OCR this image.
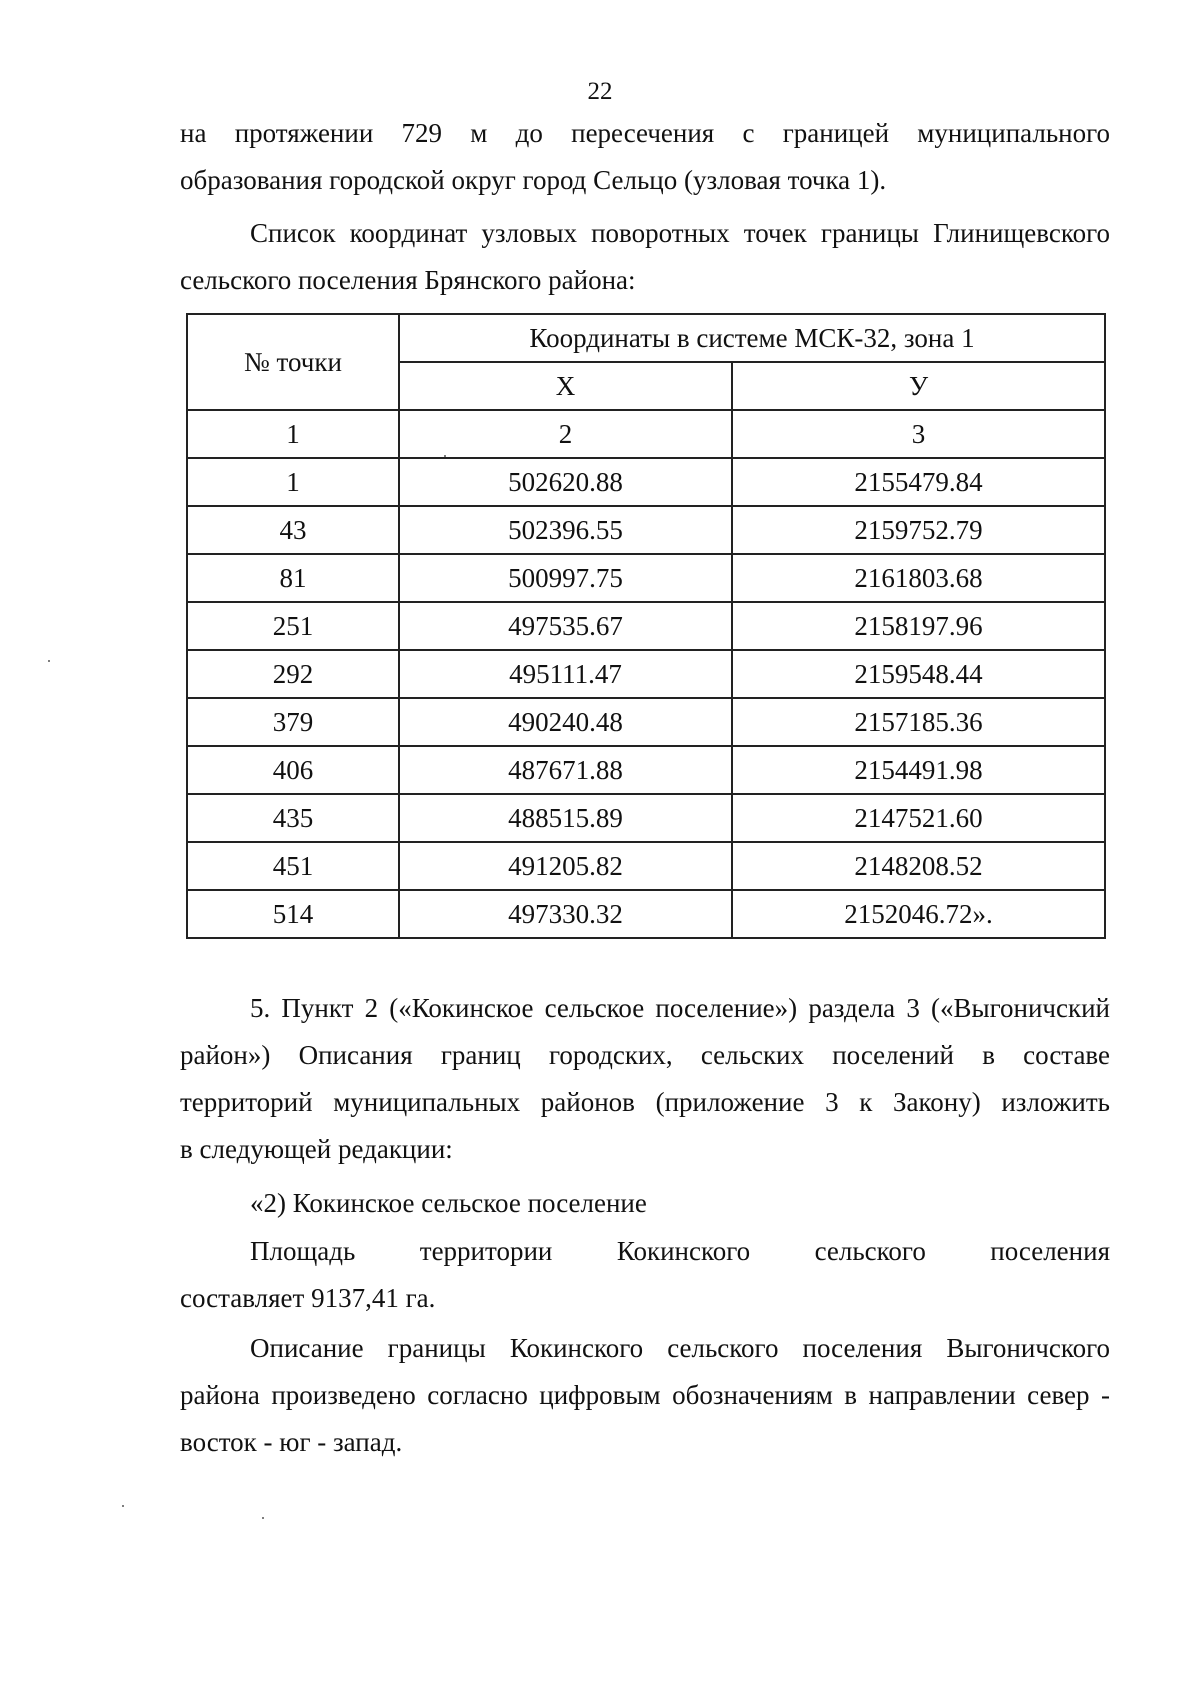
22
на протяжении 729 м до пересечения с границей муниципального
образования городской округ город Сельцо (узловая точка 1).
Список координат узловых поворотных точек границы Глинищевского
сельского поселения Брянского района:
№ точки	Координаты в системе МСК-32, зона 1	
	X	У
1	2	3
1	502620.88	2155479.84
43	502396.55	2159752.79
81	500997.75	2161803.68
251	497535.67	2158197.96
292	495111.47	2159548.44
379	490240.48	2157185.36
406	487671.88	2154491.98
435	488515.89	2147521.60
451	491205.82	2148208.52
514	497330.32	2152046.72».
5. Пункт 2 («Кокинское сельское поселение») раздела 3 («Выгоничский
район») Описания границ городских, сельских поселений в составе
территорий муниципальных районов (приложение 3 к Закону) изложить
в следующей редакции:
«2) Кокинское сельское поселение
Площадь территории Кокинского сельского поселения
составляет 9137,41 га.
Описание границы Кокинского сельского поселения Выгоничского
района произведено согласно цифровым обозначениям в направлении север -
восток - юг - запад.
